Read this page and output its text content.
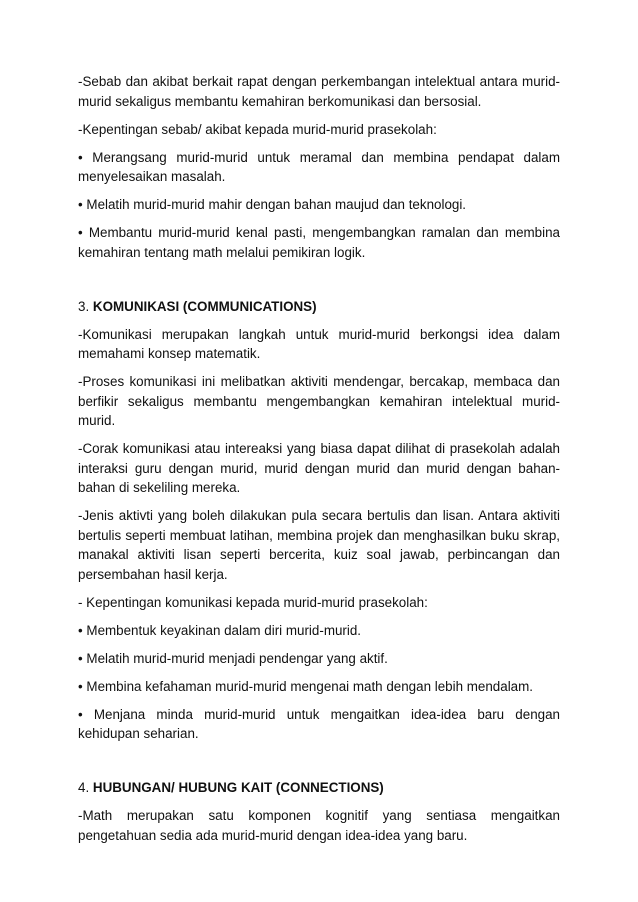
-Sebab dan akibat berkait rapat dengan perkembangan intelektual antara murid-murid sekaligus membantu kemahiran berkomunikasi dan bersosial.

-Kepentingan sebab/ akibat kepada murid-murid prasekolah:

• Merangsang murid-murid untuk meramal dan membina pendapat dalam menyelesaikan masalah.

• Melatih murid-murid mahir dengan bahan maujud dan teknologi.

• Membantu murid-murid kenal pasti, mengembangkan ramalan dan membina kemahiran tentang math melalui pemikiran logik.

3. KOMUNIKASI (COMMUNICATIONS)

-Komunikasi merupakan langkah untuk murid-murid berkongsi idea dalam memahami konsep matematik.

-Proses komunikasi ini melibatkan aktiviti mendengar, bercakap, membaca dan berfikir sekaligus membantu mengembangkan kemahiran intelektual murid-murid.

-Corak komunikasi atau intereaksi yang biasa dapat dilihat di prasekolah adalah interaksi guru dengan murid, murid dengan murid dan murid dengan bahan-bahan di sekeliling mereka.

-Jenis aktivti yang boleh dilakukan pula secara bertulis dan lisan. Antara aktiviti bertulis seperti membuat latihan, membina projek dan menghasilkan buku skrap, manakal aktiviti lisan seperti bercerita, kuiz soal jawab, perbincangan dan persembahan hasil kerja.

- Kepentingan komunikasi kepada murid-murid prasekolah:

• Membentuk keyakinan dalam diri murid-murid.

• Melatih murid-murid menjadi pendengar yang aktif.

• Membina kefahaman murid-murid mengenai math dengan lebih mendalam.

• Menjana minda murid-murid untuk mengaitkan idea-idea baru dengan kehidupan seharian.

4. HUBUNGAN/ HUBUNG KAIT (CONNECTIONS)

-Math merupakan satu komponen kognitif yang sentiasa mengaitkan pengetahuan sedia ada murid-murid dengan idea-idea yang baru.
